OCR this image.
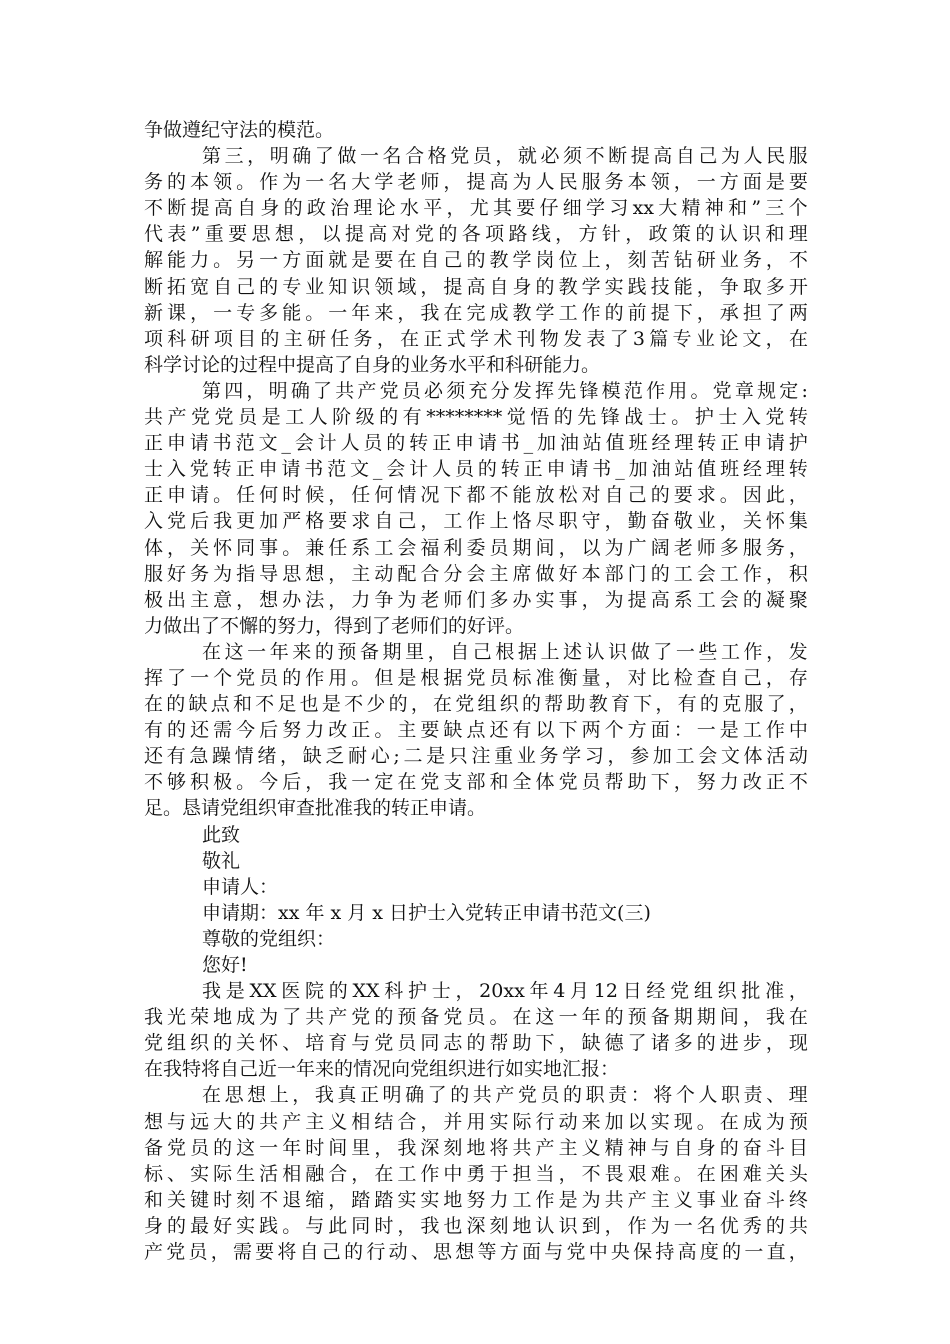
争做遵纪守法的模范。
第 三 ， 明 确 了 做 一 名 合 格 党 员 ， 就 必 须 不 断 提 高 自 己 为 人 民 服
务 的 本 领 。 作 为 一 名 大 学 老 师 ， 提 高 为 人 民 服 务 本 领 ， 一 方 面 是 要
不 断 提 高 自 身 的 政 治 理 论 水 平 ， 尤 其 要 仔 细 学 习 xx 大 精 神 和 ” 三 个
代 表 ” 重 要 思 想 ， 以 提 高 对 党 的 各 项 路 线 ， 方 针 ， 政 策 的 认 识 和 理
解 能 力 。 另 一 方 面 就 是 要 在 自 己 的 教 学 岗 位 上 ， 刻 苦 钻 研 业 务 ， 不
断 拓 宽 自 己 的 专 业 知 识 领 域 ， 提 高 自 身 的 教 学 实 践 技 能 ， 争 取 多 开
新 课 ， 一 专 多 能 。 一 年 来 ， 我 在 完 成 教 学 工 作 的 前 提 下 ， 承 担 了 两
项 科 研 项 目 的 主 研 任 务 ， 在 正 式 学 术 刊 物 发 表 了 3 篇 专 业 论 文 ， 在
科学讨论的过程中提高了自身的业务水平和科研能力。
第 四 ， 明 确 了 共 产 党 员 必 须 充 分 发 挥 先 锋 模 范 作 用 。 党 章 规 定 :
共 产 党 党 员 是 工 人 阶 级 的 有 ******** 觉 悟 的 先 锋 战 士 。 护 士 入 党 转
正 申 请 书 范 文 _ 会 计 人 员 的 转 正 申 请 书 _ 加 油 站 值 班 经 理 转 正 申 请 护
士 入 党 转 正 申 请 书 范 文 _ 会 计 人 员 的 转 正 申 请 书 _ 加 油 站 值 班 经 理 转
正 申 请 。 任 何 时 候 ， 任 何 情 况 下 都 不 能 放 松 对 自 己 的 要 求 。 因 此 ，
入 党 后 我 更 加 严 格 要 求 自 己 ， 工 作 上 恪 尽 职 守 ， 勤 奋 敬 业 ， 关 怀 集
体 ， 关 怀 同 事 。 兼 任 系 工 会 福 利 委 员 期 间 ， 以 为 广 阔 老 师 多 服 务 ，
服 好 务 为 指 导 思 想 ， 主 动 配 合 分 会 主 席 做 好 本 部 门 的 工 会 工 作 ， 积
极 出 主 意 ， 想 办 法 ， 力 争 为 老 师 们 多 办 实 事 ， 为 提 高 系 工 会 的 凝 聚
力做出了不懈的努力，得到了老师们的好评。
在 这 一 年 来 的 预 备 期 里 ， 自 己 根 据 上 述 认 识 做 了 一 些 工 作 ， 发
挥 了 一 个 党 员 的 作 用 。 但 是 根 据 党 员 标 准 衡 量 ， 对 比 检 查 自 己 ， 存
在 的 缺 点 和 不 足 也 是 不 少 的 ， 在 党 组 织 的 帮 助 教 育 下 ， 有 的 克 服 了 ，
有 的 还 需 今 后 努 力 改 正 。 主 要 缺 点 还 有 以 下 两 个 方 面 ： 一 是 工 作 中
还 有 急 躁 情 绪 ， 缺 乏 耐 心 ; 二 是 只 注 重 业 务 学 习 ， 参 加 工 会 文 体 活 动
不 够 积 极 。 今 后 ， 我 一 定 在 党 支 部 和 全 体 党 员 帮 助 下 ， 努 力 改 正 不
足。恳请党组织审查批准我的转正申请。
此致
敬礼
申请人：
申请期：xx 年 x 月 x 日护士入党转正申请书范文(三)
尊敬的党组织：
您好!
我 是 XX 医 院 的 XX 科 护 士 ， 20xx 年 4 月 12 日 经 党 组 织 批 准 ，
我 光 荣 地 成 为 了 共 产 党 的 预 备 党 员 。 在 这 一 年 的 预 备 期 期 间 ， 我 在
党 组 织 的 关 怀 、 培 育 与 党 员 同 志 的 帮 助 下 ， 缺 德 了 诸 多 的 进 步 ， 现
在我特将自己近一年来的情况向党组织进行如实地汇报：
在 思 想 上 ， 我 真 正 明 确 了 的 共 产 党 员 的 职 责 ： 将 个 人 职 责 、 理
想 与 远 大 的 共 产 主 义 相 结 合 ， 并 用 实 际 行 动 来 加 以 实 现 。 在 成 为 预
备 党 员 的 这 一 年 时 间 里 ， 我 深 刻 地 将 共 产 主 义 精 神 与 自 身 的 奋 斗 目
标 、 实 际 生 活 相 融 合 ， 在 工 作 中 勇 于 担 当 ， 不 畏 艰 难 。 在 困 难 关 头
和 关 键 时 刻 不 退 缩 ， 踏 踏 实 实 地 努 力 工 作 是 为 共 产 主 义 事 业 奋 斗 终
身 的 最 好 实 践 。 与 此 同 时 ， 我 也 深 刻 地 认 识 到 ， 作 为 一 名 优 秀 的 共
产 党 员 ， 需 要 将 自 己 的 行 动 、 思 想 等 方 面 与 党 中 央 保 持 高 度 的 一 直 ，
